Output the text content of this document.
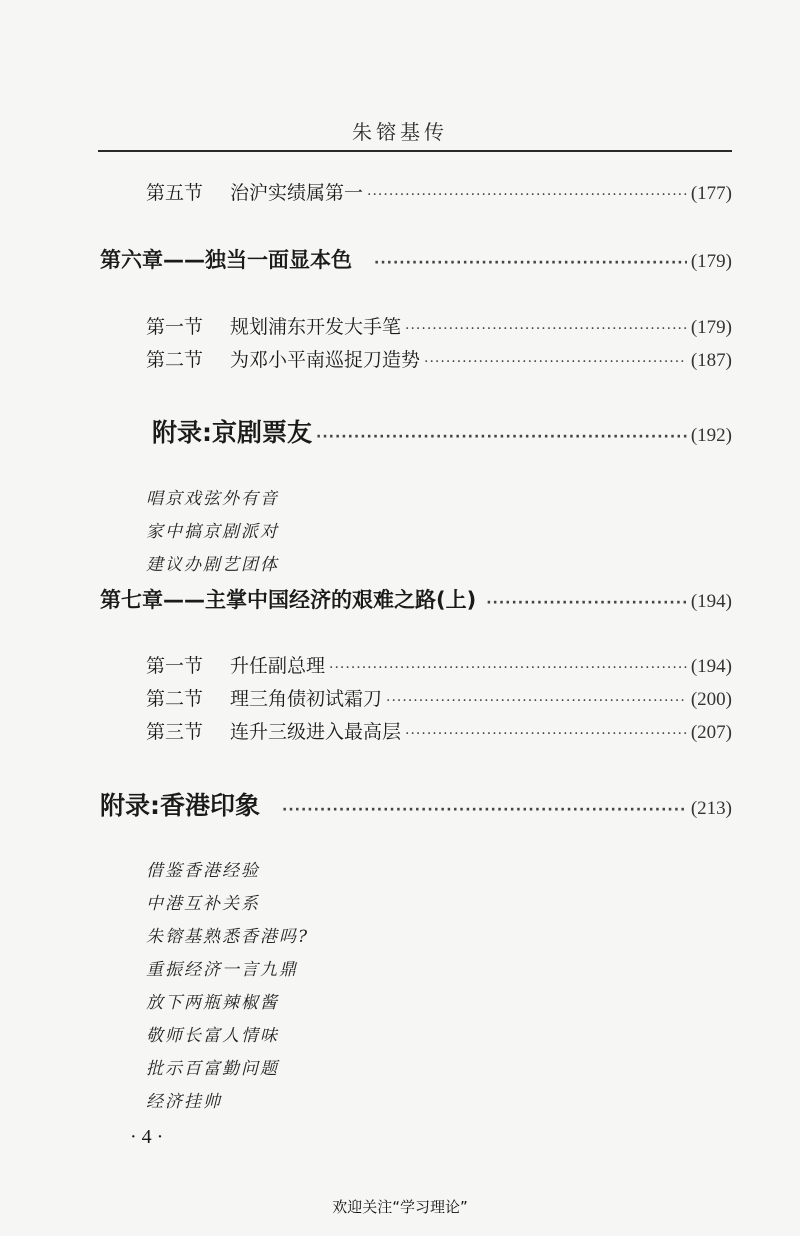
朱镕基传
第五节	治沪实绩属第一 ·····	(177)
第六章——独当一面显本色 ·····	(179)
第一节	规划浦东开发大手笔 ·····	(179)
第二节	为邓小平南巡捉刀造势 ·····	(187)
附录:京剧票友 ·····	(192)
唱京戏弦外有音
家中搞京剧派对
建议办剧艺团体
第七章——主掌中国经济的艰难之路(上) ·····	(194)
第一节	升任副总理 ·····	(194)
第二节	理三角债初试霜刀 ·····	(200)
第三节	连升三级进入最高层 ·····	(207)
附录:香港印象 ·····	(213)
借鉴香港经验
中港互补关系
朱镕基熟悉香港吗?
重振经济一言九鼎
放下两瓶辣椒酱
敬师长富人情味
批示百富勤问题
经济挂帅
· 4 ·
欢迎关注“学习理论”
